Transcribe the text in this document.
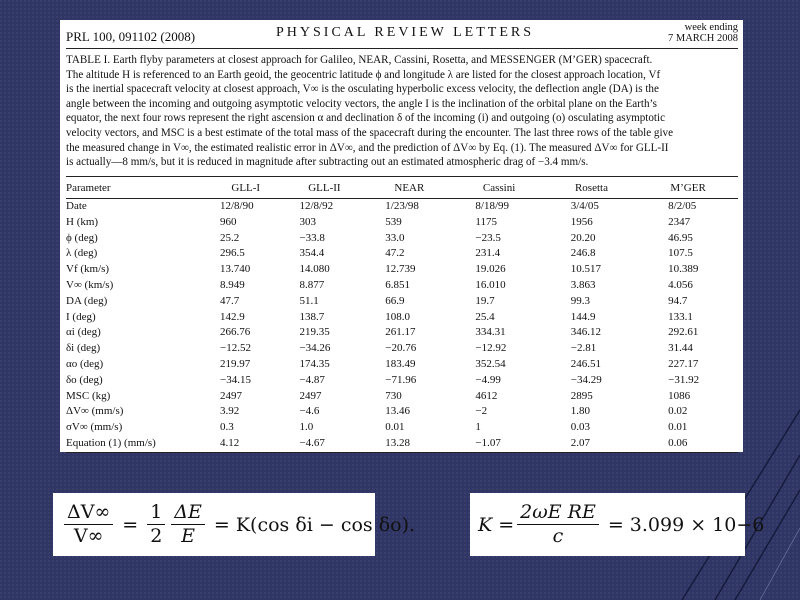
PRL 100, 091102 (2008)	PHYSICAL REVIEW LETTERS	week ending
7 MARCH 2008
TABLE I. Earth flyby parameters at closest approach for Galileo, NEAR, Cassini, Rosetta, and MESSENGER (M’GER) spacecraft.
The altitude H is referenced to an Earth geoid, the geocentric latitude ϕ and longitude λ are listed for the closest approach location, Vf
is the inertial spacecraft velocity at closest approach, V∞ is the osculating hyperbolic excess velocity, the deflection angle (DA) is the
angle between the incoming and outgoing asymptotic velocity vectors, the angle I is the inclination of the orbital plane on the Earth’s
equator, the next four rows represent the right ascension α and declination δ of the incoming (i) and outgoing (o) osculating asymptotic
velocity vectors, and MSC is a best estimate of the total mass of the spacecraft during the encounter. The last three rows of the table give
the measured change in V∞, the estimated realistic error in ΔV∞, and the prediction of ΔV∞ by Eq. (1). The measured ΔV∞ for GLL-II
is actually—8 mm/s, but it is reduced in magnitude after subtracting out an estimated atmospheric drag of −3.4 mm/s.
Parameter	GLL-I	GLL-II	NEAR	Cassini	Rosetta	M’GER
Date	12/8/90	12/8/92	1/23/98	8/18/99	3/4/05	8/2/05
H (km)	960	303	539	1175	1956	2347
ϕ (deg)	25.2	−33.8	33.0	−23.5	20.20	46.95
λ (deg)	296.5	354.4	47.2	231.4	246.8	107.5
Vf (km/s)	13.740	14.080	12.739	19.026	10.517	10.389
V∞ (km/s)	8.949	8.877	6.851	16.010	3.863	4.056
DA (deg)	47.7	51.1	66.9	19.7	99.3	94.7
I (deg)	142.9	138.7	108.0	25.4	144.9	133.1
αi (deg)	266.76	219.35	261.17	334.31	346.12	292.61
δi (deg)	−12.52	−34.26	−20.76	−12.92	−2.81	31.44
αo (deg)	219.97	174.35	183.49	352.54	246.51	227.17
δo (deg)	−34.15	−4.87	−71.96	−4.99	−34.29	−31.92
MSC (kg)	2497	2497	730	4612	2895	1086
ΔV∞ (mm/s)	3.92	−4.6	13.46	−2	1.80	0.02
σV∞ (mm/s)	0.3	1.0	0.01	1	0.03	0.01
Equation (1) (mm/s)	4.12	−4.67	13.28	−1.07	2.07	0.06
$\frac{\Delta V\infty}{V\infty} = \frac{1}{2} \frac{\Delta E}{E} = K(\cos$ δi − cos δo).	$K = \frac{\text{2ωE RE}}{c} = 3.099 \times 10-6$
